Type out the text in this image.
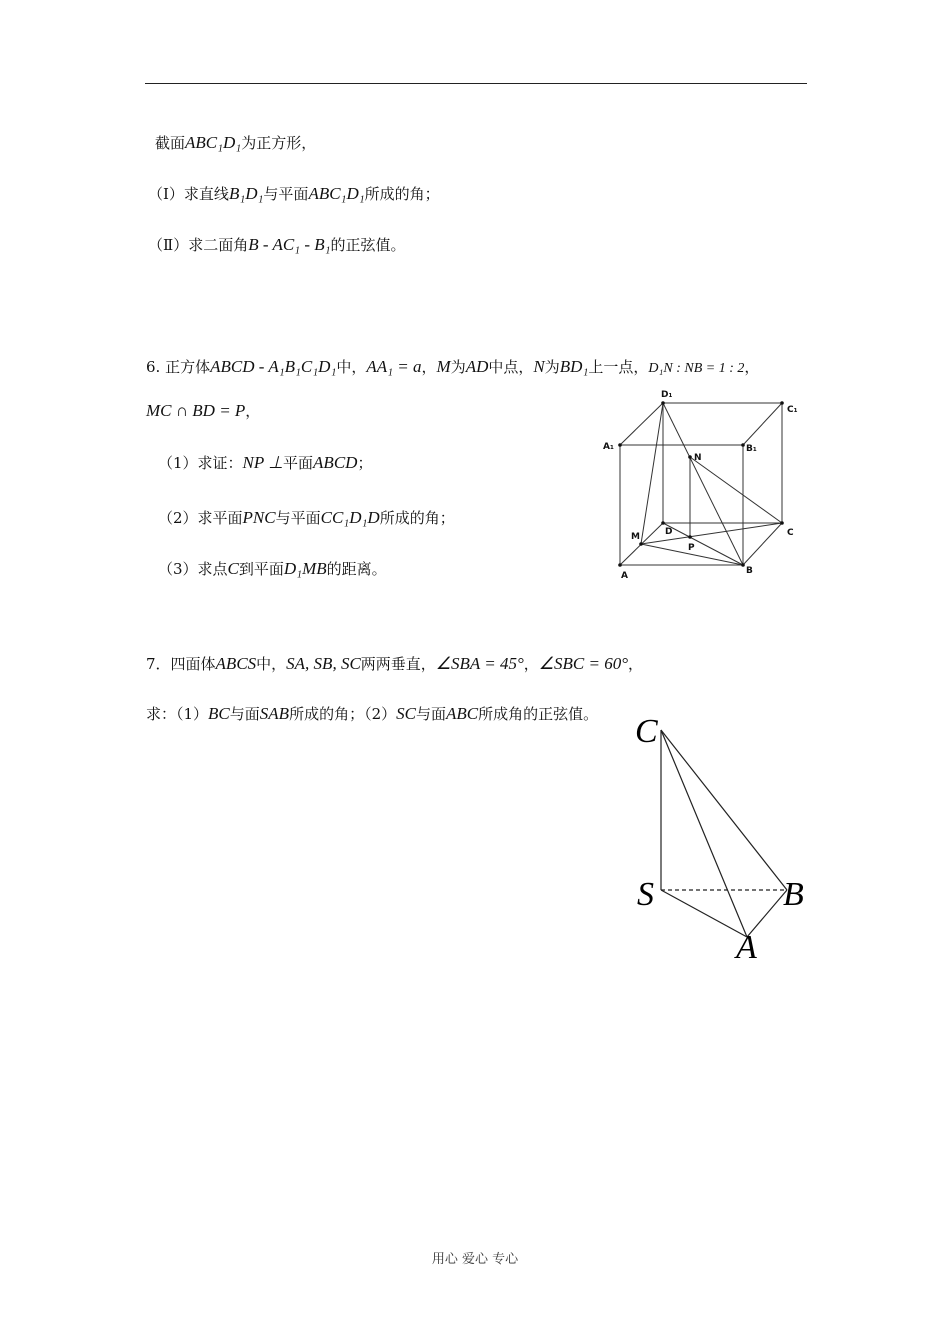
截面ABC₁D₁为正方形，
（Ⅰ）求直线B₁D₁与平面ABC₁D₁所成的角；
（Ⅱ）求二面角B - AC₁ - B₁的正弦值。
6. 正方体ABCD - A₁B₁C₁D₁中，AA₁ = a，M为AD中点，N为BD₁上一点，D₁N : NB = 1 : 2，
MC ∩ BD = P，
（1）求证：NP ⊥平面ABCD；
（2）求平面PNC与平面CC₁D₁D所成的角；
（3）求点C到平面D₁MB的距离。
D₁
C₁
A₁	B₁
N
M	D
P
C
A	B
7．四面体ABCS中，SA, SB, SC两两垂直，∠SBA = 45°，∠SBC = 60°，
求：（1）BC与面SAB所成的角；（2）SC与面ABC所成角的正弦值。 C
S	B
A
用心 爱心 专心
